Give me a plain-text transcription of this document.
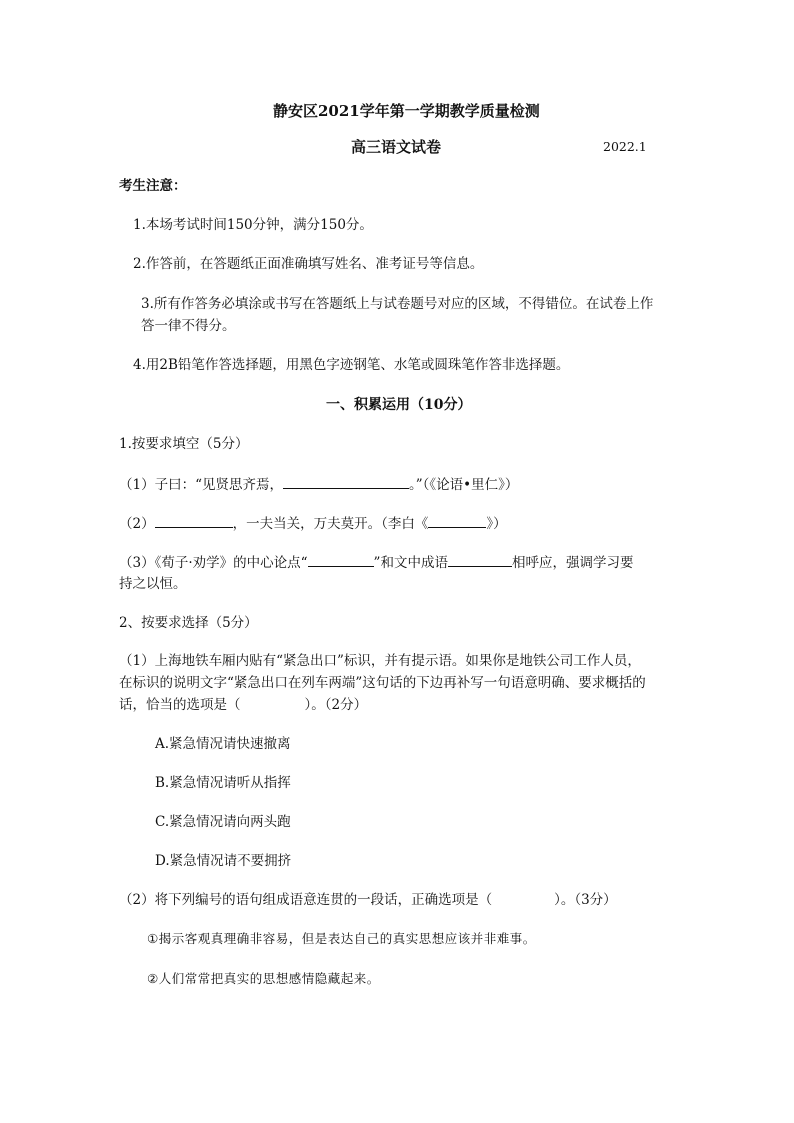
静安区2021学年第一学期教学质量检测
高三语文试卷	2022.1
考生注意：
1.本场考试时间150分钟，满分150分。
2.作答前，在答题纸正面准确填写姓名、准考证号等信息。
3.所有作答务必填涂或书写在答题纸上与试卷题号对应的区域，不得错位。在试卷上作
答一律不得分。
4.用2B铅笔作答选择题，用黑色字迹钢笔、水笔或圆珠笔作答非选择题。
一、积累运用（10分）
1.按要求填空（5分）
（1）子曰：“见贤思齐焉，	。”（《论语•里仁》）
（2）	，一夫当关，万夫莫开。（李白《	》）
（3）《荀子·劝学》的中心论点“	”和文中成语	相呼应，强调学习要
持之以恒。
2、按要求选择（5分）
（1）上海地铁车厢内贴有“紧急出口”标识，并有提示语。如果你是地铁公司工作人员，
在标识的说明文字“紧急出口在列车两端”这句话的下边再补写一句语意明确、要求概括的
话，恰当的选项是（	）。（2分）
A.紧急情况请快速撤离
B.紧急情况请听从指挥
C.紧急情况请向两头跑
D.紧急情况请不要拥挤
（2）将下列编号的语句组成语意连贯的一段话，正确选项是（	）。（3分）
①揭示客观真理确非容易，但是表达自己的真实思想应该并非难事。
②人们常常把真实的思想感情隐藏起来。
